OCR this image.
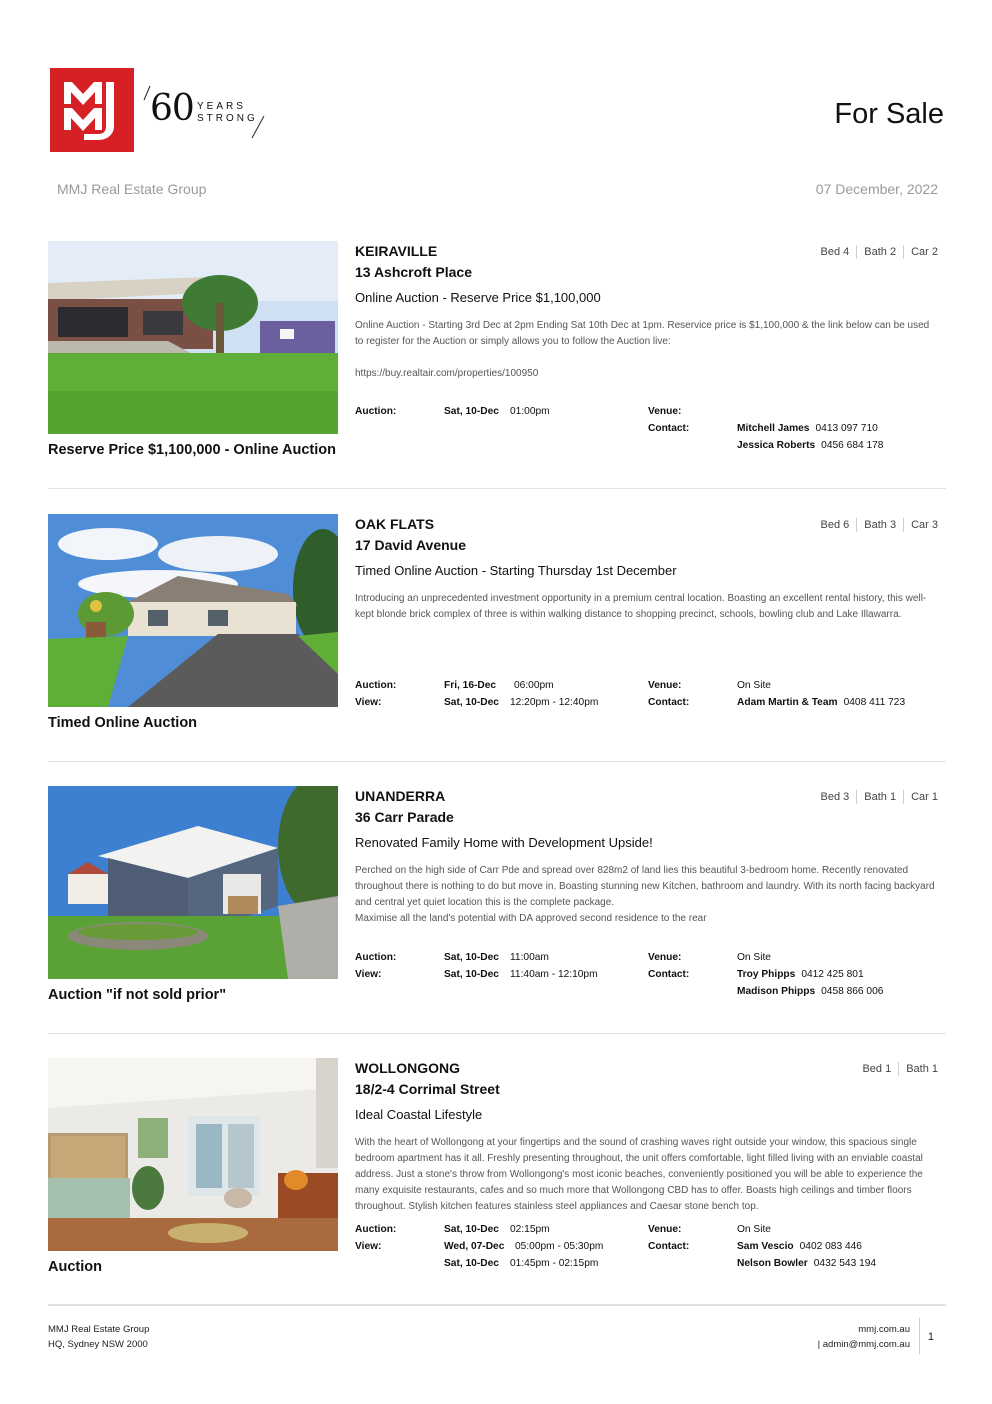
60 YEARS
STRONG	For Sale
MMJ Real Estate Group	07 December, 2022
Reserve Price $1,100,000 - Online Auction
KEIRAVILLE
13 Ashcroft Place
Bed 4	Bath 2	Car 2
Online Auction - Reserve Price $1,100,000

Online Auction - Starting 3rd Dec at 2pm Ending Sat 10th Dec at 1pm. Reservice price is $1,100,000 & the link below can be used to register for the Auction or simply allows you to follow the Auction live:

https://buy.realtair.com/properties/100950

Auction:	Sat, 10-Dec 01:00pm	Venue:
Contact:	Mitchell James 0413 097 710
Jessica Roberts 0456 684 178
Timed Online Auction
OAK FLATS
17 David Avenue
Bed 6	Bath 3	Car 3
Timed Online Auction - Starting Thursday 1st December

Introducing an unprecedented investment opportunity in a premium central location. Boasting an excellent rental history, this well-kept blonde brick complex of three is within walking distance to shopping precinct, schools, bowling club and Lake Illawarra.

Auction:	Fri, 16-Dec 06:00pm	Venue:	On Site
View:	Sat, 10-Dec 12:20pm - 12:40pm	Contact:	Adam Martin & Team 0408 411 723
Auction "if not sold prior"
UNANDERRA
36 Carr Parade
Bed 3	Bath 1	Car 1
Renovated Family Home with Development Upside!

Perched on the high side of Carr Pde and spread over 828m2 of land lies this beautiful 3-bedroom home. Recently renovated throughout there is nothing to do but move in. Boasting stunning new Kitchen, bathroom and laundry. With its north facing backyard and central yet quiet location this is the complete package.

Maximise all the land's potential with DA approved second residence to the rear

Auction:	Sat, 10-Dec 11:00am	Venue:	On Site
View:	Sat, 10-Dec 11:40am - 12:10pm	Contact:	Troy Phipps 0412 425 801
Madison Phipps 0458 866 006
Auction
WOLLONGONG
18/2-4 Corrimal Street
Bed 1	Bath 1
Ideal Coastal Lifestyle

With the heart of Wollongong at your fingertips and the sound of crashing waves right outside your window, this spacious single bedroom apartment has it all. Freshly presenting throughout, the unit offers comfortable, light filled living with an enviable coastal address. Just a stone's throw from Wollongong's most iconic beaches, conveniently positioned you will be able to experience the many exquisite restaurants, cafes and so much more that Wollongong CBD has to offer. Boasts high ceilings and timber floors throughout. Stylish kitchen features stainless steel appliances and Caesar stone bench top.

Auction:	Sat, 10-Dec 02:15pm	Venue:	On Site
View:	Wed, 07-Dec 05:00pm - 05:30pm	Contact:	Sam Vescio 0402 083 446
Sat, 10-Dec 01:45pm - 02:15pm	Nelson Bowler 0432 543 194
MMJ Real Estate Group
HQ, Sydney NSW 2000
mmj.com.au
| admin@mmj.com.au
1
